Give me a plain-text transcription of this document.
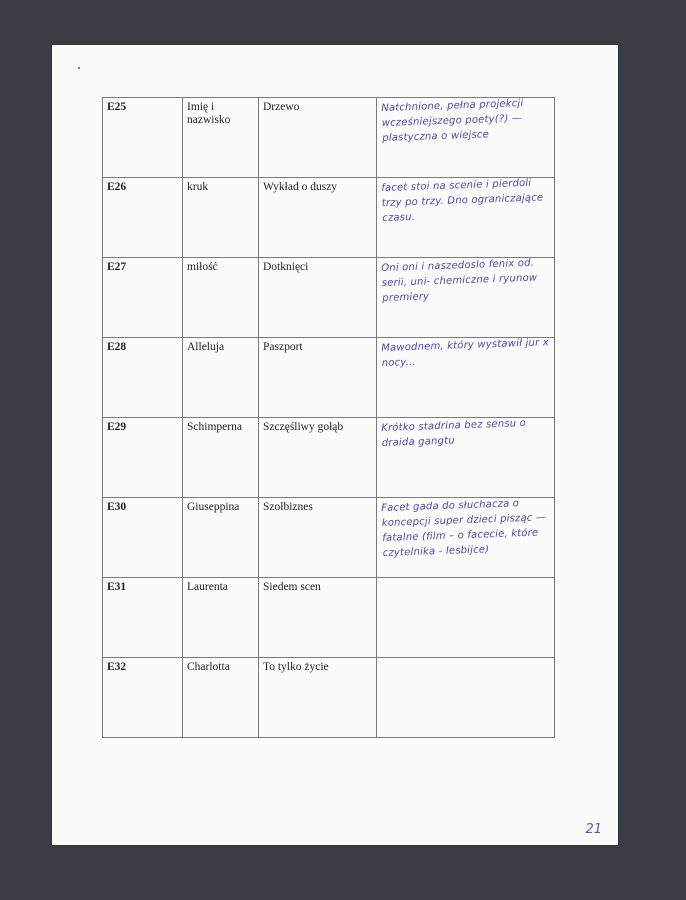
E25	Imię i nazwisko	Drzewo	Natchnione, pełna projekcji wcześniejszego poety(?) — plastyczna o wiejsce

E26	kruk	Wykład o duszy	facet stoi na scenie i pierdoli trzy po trzy. Dno ograniczające czasu.

E27	miłość	Dotknięci	Oni oni i naszedoslo fenix od. serii, uni- chemiczne i ryunow premiery

E28	Alleluja	Paszport	Mawodnem, który wystawił jur x nocy...

E29	Schimperna	Szczęśliwy gołąb	Krótko stadrina bez sensu o draida gangtu

E30	Giuseppina	Szołbiznes	Facet gada do słuchacza o koncepcji super dzieci pisząc — fatalne (film – o facecie, które czytelnika - lesbijce)

E31	Laurenta	Siedem scen	

E32	Charlotta	To tylko życie	
21
